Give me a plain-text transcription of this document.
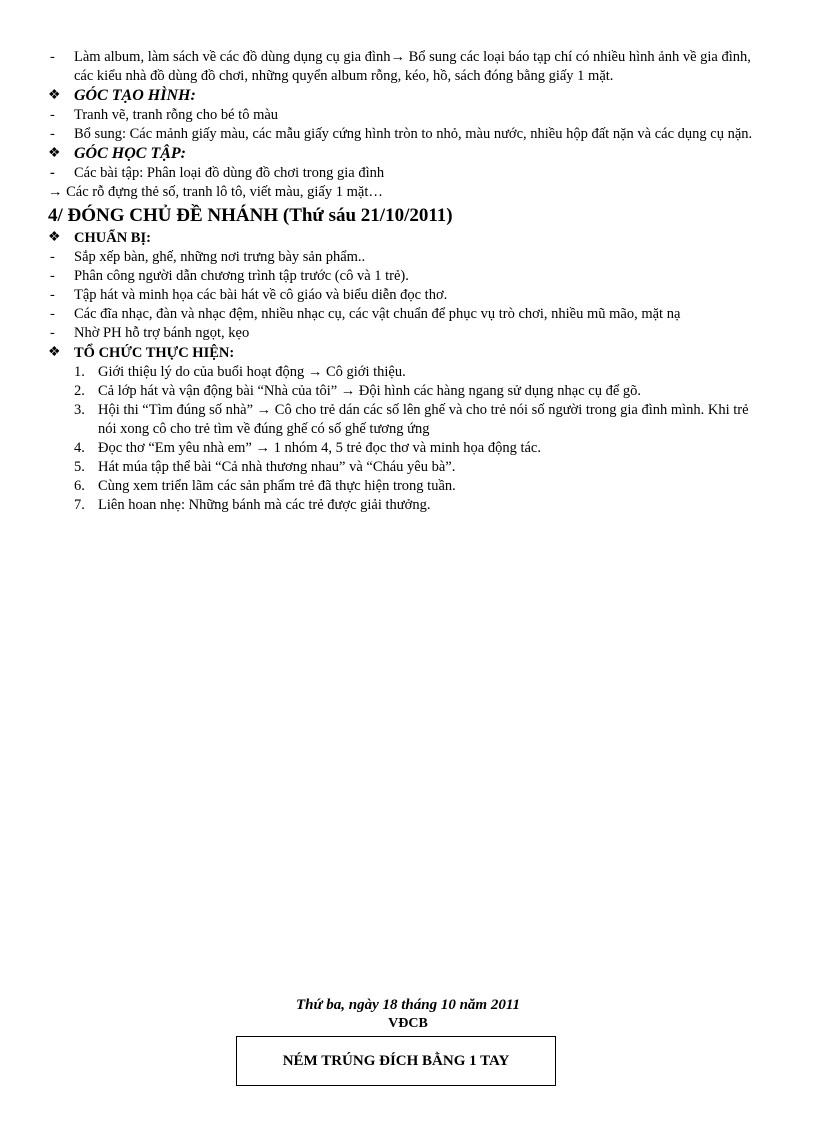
- Làm album, làm sách về các đồ dùng dụng cụ gia đình→ Bổ sung các loại báo tạp chí có nhiều hình ảnh về gia đình, các kiểu nhà đồ dùng đồ chơi, những quyển album rỗng, kéo, hồ, sách đóng bằng giấy 1 mặt.
❖ GÓC TẠO HÌNH:
- Tranh vẽ, tranh rỗng cho bé tô màu
- Bổ sung: Các mảnh giấy màu, các mẫu giấy cứng hình tròn to nhỏ, màu nước, nhiều hộp đất nặn và các dụng cụ nặn.
❖ GÓC HỌC TẬP:
- Các bài tập: Phân loại đồ dùng đồ chơi trong gia đình
→ Các rỗ đựng thẻ số, tranh lô tô, viết màu, giấy 1 mặt…
4/ ĐÓNG CHỦ ĐỀ NHÁNH (Thứ sáu 21/10/2011)
❖ CHUẨN BỊ:
- Sắp xếp bàn, ghế, những nơi trưng bày sản phẩm..
- Phân công người dẫn chương trình tập trước (cô và 1 trẻ).
- Tập hát và minh họa các bài hát về cô giáo và biểu diễn đọc thơ.
- Các đĩa nhạc, đàn và nhạc đệm, nhiều nhạc cụ, các vật chuẩn để phục vụ trò chơi, nhiều mũ mão, mặt nạ
- Nhờ PH hỗ trợ bánh ngọt, kẹo
❖ TỔ CHỨC THỰC HIỆN:
1. Giới thiệu lý do của buổi hoạt động → Cô giới thiệu.
2. Cả lớp hát và vận động bài “Nhà của tôi” → Đội hình các hàng ngang sử dụng nhạc cụ để gõ.
3. Hội thi “Tìm đúng số nhà” → Cô cho trẻ dán các số lên ghế và cho trẻ nói số người trong gia đình mình. Khi trẻ nói xong cô cho trẻ tìm về đúng ghế có số ghế tương ứng
4. Đọc thơ “Em yêu nhà em” → 1 nhóm 4, 5 trẻ đọc thơ và minh họa động tác.
5. Hát múa tập thể bài “Cả nhà thương nhau” và “Cháu yêu bà”.
6. Cùng xem triển lãm các sản phẩm trẻ đã thực hiện trong tuần.
7. Liên hoan nhẹ: Những bánh mà các trẻ được giải thưởng.
Thứ ba, ngày 18 tháng 10 năm 2011
VĐCB
NÉM TRÚNG ĐÍCH BẰNG 1 TAY
